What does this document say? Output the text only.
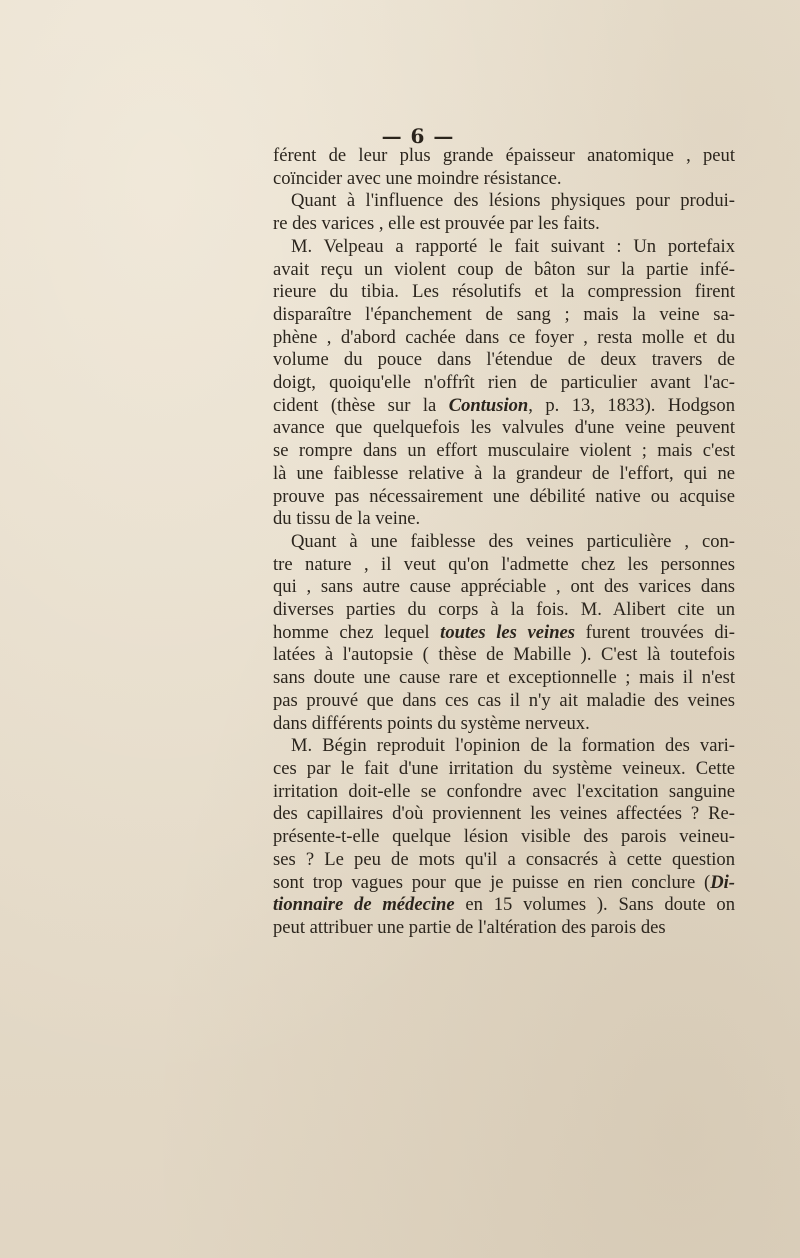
— 6 —
férent de leur plus grande épaisseur anatomique , peut
coïncider avec une moindre résistance.
Quant à l'influence des lésions physiques pour produi-
re des varices , elle est prouvée par les faits.
M. Velpeau a rapporté le fait suivant : Un portefaix
avait reçu un violent coup de bâton sur la partie infé-
rieure du tibia. Les résolutifs et la compression firent
disparaître l'épanchement de sang ; mais la veine sa-
phène , d'abord cachée dans ce foyer , resta molle et du
volume du pouce dans l'étendue de deux travers de
doigt, quoiqu'elle n'offrît rien de particulier avant l'ac-
cident (thèse sur la Contusion, p. 13, 1833). Hodgson
avance que quelquefois les valvules d'une veine peuvent
se rompre dans un effort musculaire violent ; mais c'est
là une faiblesse relative à la grandeur de l'effort, qui ne
prouve pas nécessairement une débilité native ou acquise
du tissu de la veine.
Quant à une faiblesse des veines particulière , con-
tre nature , il veut qu'on l'admette chez les personnes
qui , sans autre cause appréciable , ont des varices dans
diverses parties du corps à la fois. M. Alibert cite un
homme chez lequel toutes les veines furent trouvées di-
latées à l'autopsie ( thèse de Mabille ). C'est là toutefois
sans doute une cause rare et exceptionnelle ; mais il n'est
pas prouvé que dans ces cas il n'y ait maladie des veines
dans différents points du système nerveux.
M. Bégin reproduit l'opinion de la formation des vari-
ces par le fait d'une irritation du système veineux. Cette
irritation doit-elle se confondre avec l'excitation sanguine
des capillaires d'où proviennent les veines affectées ? Re-
présente-t-elle quelque lésion visible des parois veineu-
ses ? Le peu de mots qu'il a consacrés à cette question
sont trop vagues pour que je puisse en rien conclure (Di-
tionnaire de médecine en 15 volumes ). Sans doute on
peut attribuer une partie de l'altération des parois des
